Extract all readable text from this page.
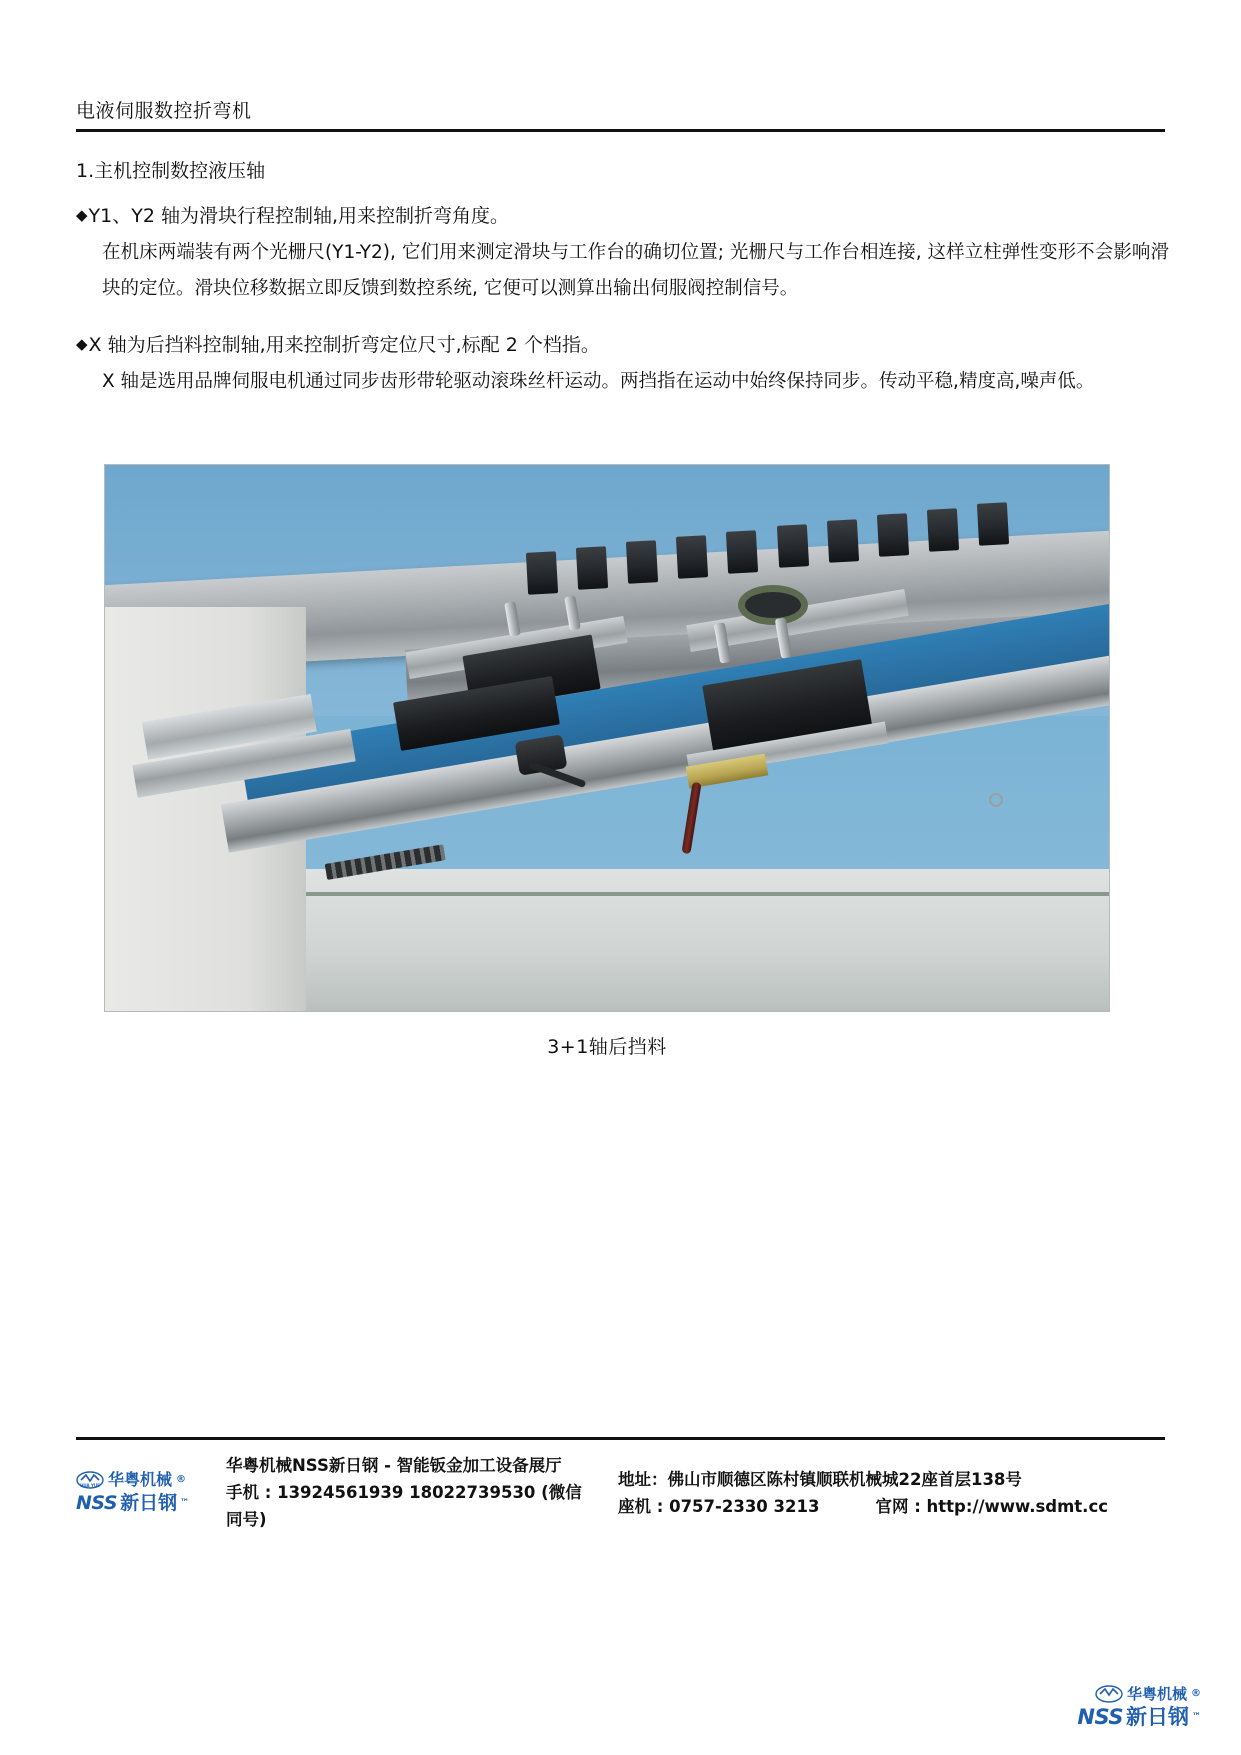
电液伺服数控折弯机
1.主机控制数控液压轴
◆Y1、Y2 轴为滑块行程控制轴,用来控制折弯角度。
在机床两端装有两个光栅尺(Y1-Y2), 它们用来测定滑块与工作台的确切位置; 光栅尺与工作台相连接, 这样立柱弹性变形不会影响滑块的定位。滑块位移数据立即反馈到数控系统, 它便可以测算出输出伺服阀控制信号。
◆X 轴为后挡料控制轴,用来控制折弯定位尺寸,标配 2 个档指。
X 轴是选用品牌伺服电机通过同步齿形带轮驱动滚珠丝杆运动。两挡指在运动中始终保持同步。传动平稳,精度高,噪声低。
3+1轴后挡料
HUA YUE 华粤机械 ®
NSS 新日钢 ™
华粤机械NSS新日钢 - 智能钣金加工设备展厅
手机 : 13924561939 18022739530 (微信同号)
地址：佛山市顺德区陈村镇顺联机械城22座首层138号
座机 : 0757-2330 3213	官网 : http://www.sdmt.cc
华粤机械 ®
NSS 新日钢 ™
